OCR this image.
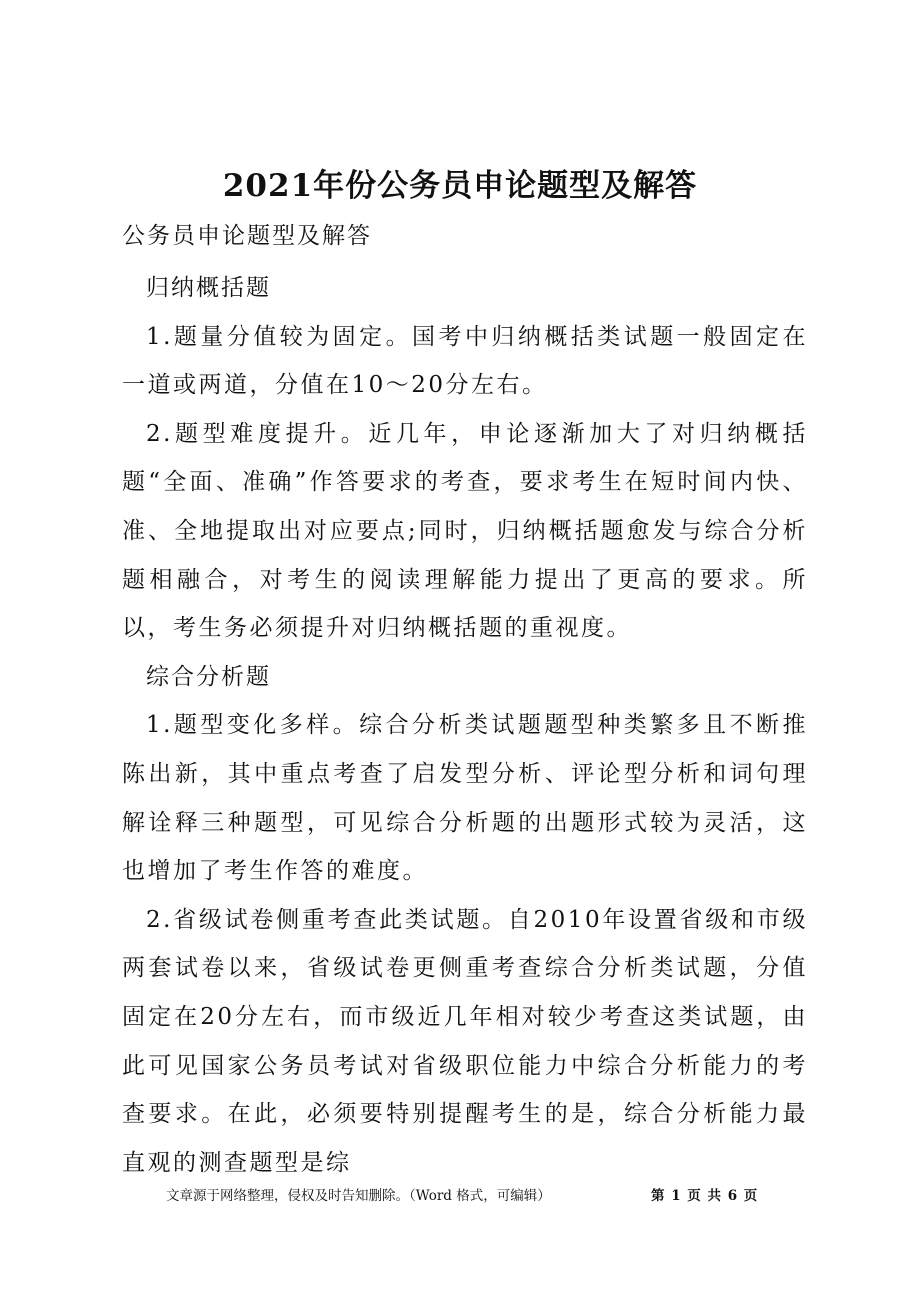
2021年份公务员申论题型及解答
公务员申论题型及解答

归纳概括题

1.题量分值较为固定。国考中归纳概括类试题一般固定在一道或两道，分值在10～20分左右。

2.题型难度提升。近几年，申论逐渐加大了对归纳概括题“全面、准确”作答要求的考查，要求考生在短时间内快、准、全地提取出对应要点;同时，归纳概括题愈发与综合分析题相融合，对考生的阅读理解能力提出了更高的要求。所以，考生务必须提升对归纳概括题的重视度。

综合分析题

1.题型变化多样。综合分析类试题题型种类繁多且不断推陈出新，其中重点考查了启发型分析、评论型分析和词句理解诠释三种题型，可见综合分析题的出题形式较为灵活，这也增加了考生作答的难度。

2.省级试卷侧重考查此类试题。自2010年设置省级和市级两套试卷以来，省级试卷更侧重考查综合分析类试题，分值固定在20分左右，而市级近几年相对较少考查这类试题，由此可见国家公务员考试对省级职位能力中综合分析能力的考查要求。在此，必须要特别提醒考生的是，综合分析能力最直观的测查题型是综

文章源于网络整理，侵权及时告知删除。（Word 格式，可编辑）	第 1 页 共 6 页
